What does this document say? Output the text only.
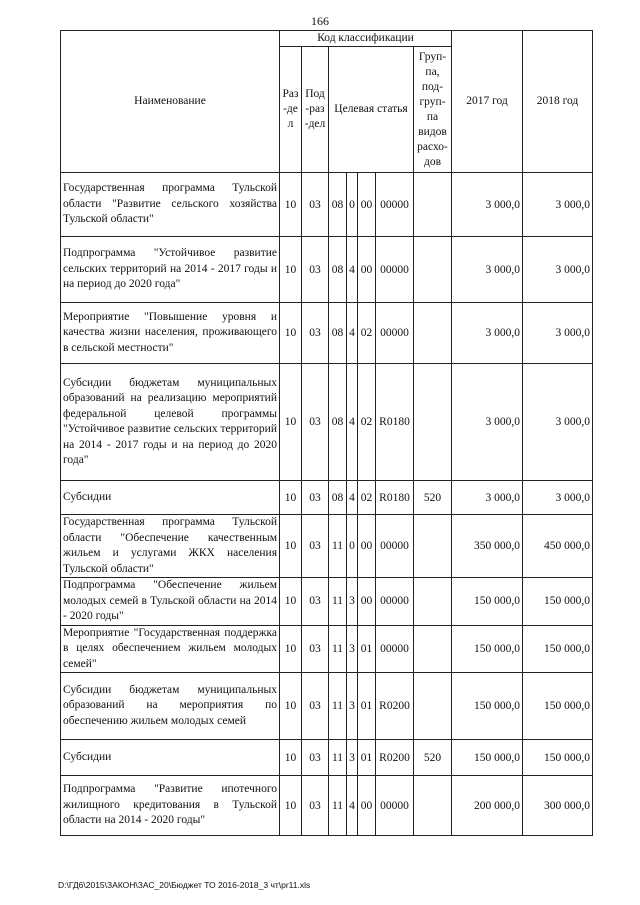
166
Наименование	Код классификации							2017 год	2018 год
	Раз-дел	Под-раз-дел	Целевая статья				Груп-па, под-груп-па видов расхо-дов		
Государственная программа Тульской области "Развитие сельского хозяйства Тульской области"	10	03	08	0	00	00000		3 000,0	3 000,0
Подпрограмма "Устойчивое развитие сельских территорий на 2014 - 2017 годы и на период до 2020 года"	10	03	08	4	00	00000		3 000,0	3 000,0
Мероприятие "Повышение уровня и качества жизни населения, проживающего в сельской местности"	10	03	08	4	02	00000		3 000,0	3 000,0
Субсидии бюджетам муниципальных образований на реализацию мероприятий федеральной целевой программы "Устойчивое развитие сельских территорий на 2014 - 2017 годы и на период до 2020 года"	10	03	08	4	02	R0180		3 000,0	3 000,0
Субсидии	10	03	08	4	02	R0180	520	3 000,0	3 000,0
Государственная программа Тульской области "Обеспечение качественным жильем и услугами ЖКХ населения Тульской области"	10	03	11	0	00	00000		350 000,0	450 000,0
Подпрограмма "Обеспечение жильем молодых семей в Тульской области на 2014 - 2020 годы"	10	03	11	3	00	00000		150 000,0	150 000,0
Мероприятие "Государственная поддержка в целях обеспечением жильем молодых семей"	10	03	11	3	01	00000		150 000,0	150 000,0
Субсидии бюджетам муниципальных образований на мероприятия по обеспечению жильем молодых семей	10	03	11	3	01	R0200		150 000,0	150 000,0
Субсидии	10	03	11	3	01	R0200	520	150 000,0	150 000,0
Подпрограмма "Развитие ипотечного жилищного кредитования в Тульской области на 2014 - 2020 годы"	10	03	11	4	00	00000		200 000,0	300 000,0
D:\ГД6\2015\ЗАКОН\ЗАС_20\Бюджет ТО 2016-2018_3 чт\pr11.xls
